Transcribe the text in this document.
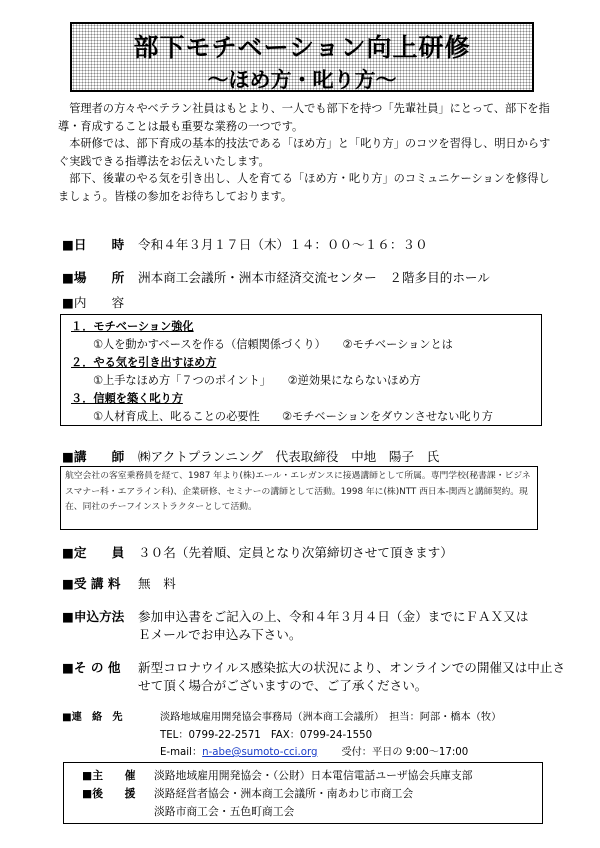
部下モチベーション向上研修
～ほめ方・叱り方～

管理者の方々やベテラン社員はもとより、一人でも部下を持つ「先輩社員」にとって、部下を指導・育成することは最も重要な業務の一つです。

本研修では、部下育成の基本的技法である「ほめ方」と「叱り方」のコツを習得し、明日からすぐ実践できる指導法をお伝えいたします。

部下、後輩のやる気を引き出し、人を育てる「ほめ方・叱り方」のコミュニケーションを修得しましょう。皆様の参加をお待ちしております。

■日　　時 令和４年３月１７日（木）１４：００～１６：３０
■場　　所 洲本商工会議所・洲本市経済交流センター　２階多目的ホール
■内　　容
１．モチベーション強化
①人を動かすベースを作る（信頼関係づくり）　　②モチベーションとは
２．やる気を引き出すほめ方
①上手なほめ方「７つのポイント」　　②逆効果にならないほめ方
３．信頼を築く叱り方
①人材育成上、叱ることの必要性　　②モチベーションをダウンさせない叱り方
■講　　師 ㈱アクトプランニング　代表取締役　中地　陽子　氏
航空会社の客室乗務員を経て、1987 年より(株)エール・エレガンスに接遇講師として所属。専門学校(秘書課・ビジネスマナー科・エアライン科)、企業研修、セミナーの講師として活動。1998 年に(株)NTT 西日本-関西と講師契約。現在、同社のチーフインストラクターとして活動。
■定　　員 ３０名（先着順、定員となり次第締切させて頂きます）
■受 講 料 無　料
■申込方法 参加申込書をご記入の上、令和４年３月４日（金）までにＦＡＸ又は
Ｅメールでお申込み下さい。
■そ の 他 新型コロナウイルス感染拡大の状況により、オンラインでの開催又は中止さ
せて頂く場合がございますので、ご了承ください。
■連　絡　先	淡路地域雇用開発協会事務局（洲本商工会議所）　担当：阿部・橋本（牧）
TEL：0799-22-2571　FAX：0799-24-1550
E-mail：n-abe@sumoto-cci.org 受付：平日の 9:00～17:00
■主　　催 淡路地域雇用開発協会・（公財）日本電信電話ユーザ協会兵庫支部
■後　　援 淡路経営者協会・洲本商工会議所・南あわじ市商工会
淡路市商工会・五色町商工会
